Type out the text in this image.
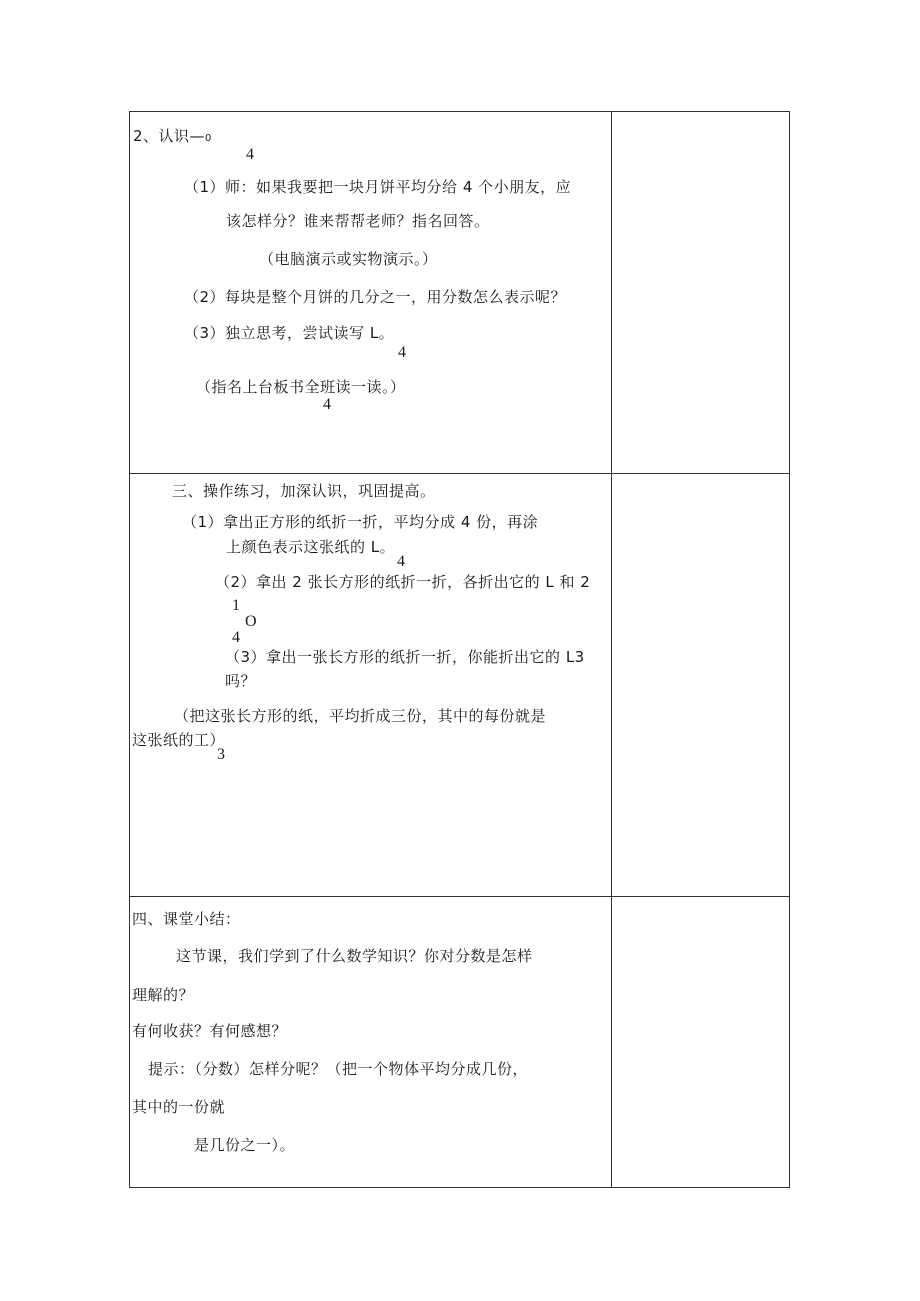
2、认识—0
4
（1）师：如果我要把一块月饼平均分给 4 个小朋友，应
该怎样分？谁来帮帮老师？指名回答。
（电脑演示或实物演示。）
（2）每块是整个月饼的几分之一，用分数怎么表示呢？
（3）独立思考，尝试读写 L。
4
（指名上台板书全班读一读。）
4
三、操作练习，加深认识，巩固提高。
（1）拿出正方形的纸折一折，平均分成 4 份，再涂
上颜色表示这张纸的 L。
4
（2）拿出 2 张长方形的纸折一折，各折出它的 L 和 2
1
O
4
（3）拿出一张长方形的纸折一折，你能折出它的 L3
吗？
（把这张长方形的纸，平均折成三份，其中的每份就是
这张纸的工）
3
四、课堂小结：
这节课，我们学到了什么数学知识？你对分数是怎样
理解的？
有何收获？有何感想？
提示：（分数）怎样分呢？（把一个物体平均分成几份，
其中的一份就
是几份之一）。
